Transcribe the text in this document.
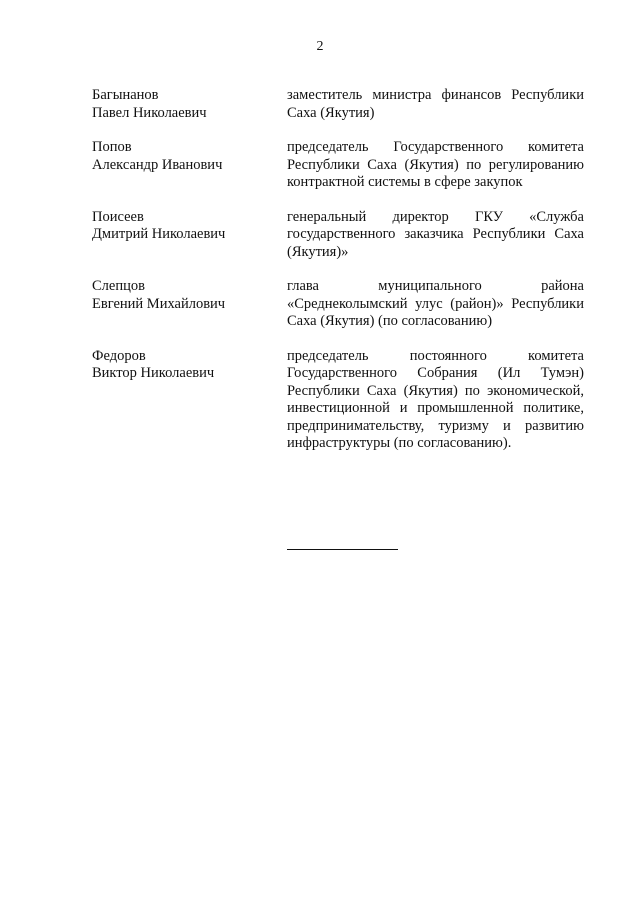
2
Багынанов
Павел Николаевич
заместитель министра финансов Республики Саха (Якутия)
Попов
Александр Иванович
председатель Государственного комитета Республики Саха (Якутия) по регулированию контрактной системы в сфере закупок
Поисеев
Дмитрий Николаевич
генеральный директор ГКУ «Служба государственного заказчика Республики Саха (Якутия)»
Слепцов
Евгений Михайлович
глава муниципального района «Среднеколымский улус (район)» Республики Саха (Якутия) (по согласованию)
Федоров
Виктор Николаевич
председатель постоянного комитета Государственного Собрания (Ил Тумэн) Республики Саха (Якутия) по экономической, инвестиционной и промышленной политике, предпринимательству, туризму и развитию инфраструктуры (по согласованию).
